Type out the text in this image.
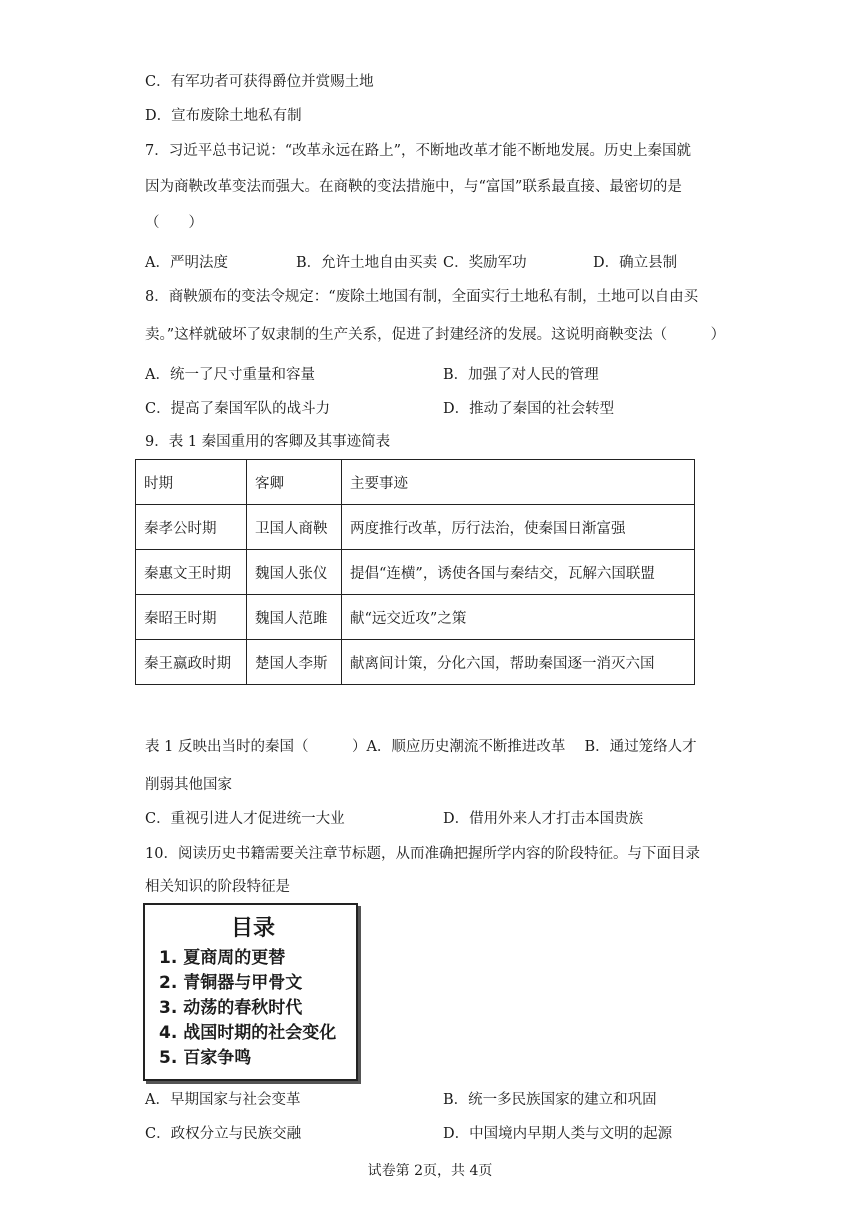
C．有军功者可获得爵位并赏赐土地
D．宣布废除土地私有制
7．习近平总书记说：“改革永远在路上”，不断地改革才能不断地发展。历史上秦国就
因为商鞅改革变法而强大。在商鞅的变法措施中，与“富国”联系最直接、最密切的是
（　　）
A．严明法度	B．允许土地自由买卖 C．奖励军功	D．确立县制
8．商鞅颁布的变法令规定：“废除土地国有制，全面实行土地私有制，土地可以自由买
卖。”这样就破坏了奴隶制的生产关系，促进了封建经济的发展。这说明商鞅变法（　　　）
A．统一了尺寸重量和容量	B．加强了对人民的管理
C．提高了秦国军队的战斗力	D．推动了秦国的社会转型
9．表 1 秦国重用的客卿及其事迹简表
时期	客卿	主要事迹
秦孝公时期	卫国人商鞅	两度推行改革，厉行法治，使秦国日渐富强
秦惠文王时期	魏国人张仪	提倡“连横”，诱使各国与秦结交，瓦解六国联盟
秦昭王时期	魏国人范雎	献“远交近攻”之策
秦王嬴政时期	楚国人李斯	献离间计策，分化六国，帮助秦国逐一消灭六国
表 1 反映出当时的秦国（　　　）A．顺应历史潮流不断推进改革　 B．通过笼络人才
削弱其他国家
C．重视引进人才促进统一大业	D．借用外来人才打击本国贵族
10．阅读历史书籍需要关注章节标题，从而准确把握所学内容的阶段特征。与下面目录
相关知识的阶段特征是
目录
1. 夏商周的更替
2. 青铜器与甲骨文
3. 动荡的春秋时代
4. 战国时期的社会变化
5. 百家争鸣
A．早期国家与社会变革	B．统一多民族国家的建立和巩固
C．政权分立与民族交融	D．中国境内早期人类与文明的起源
试卷第 2页，共 4页
